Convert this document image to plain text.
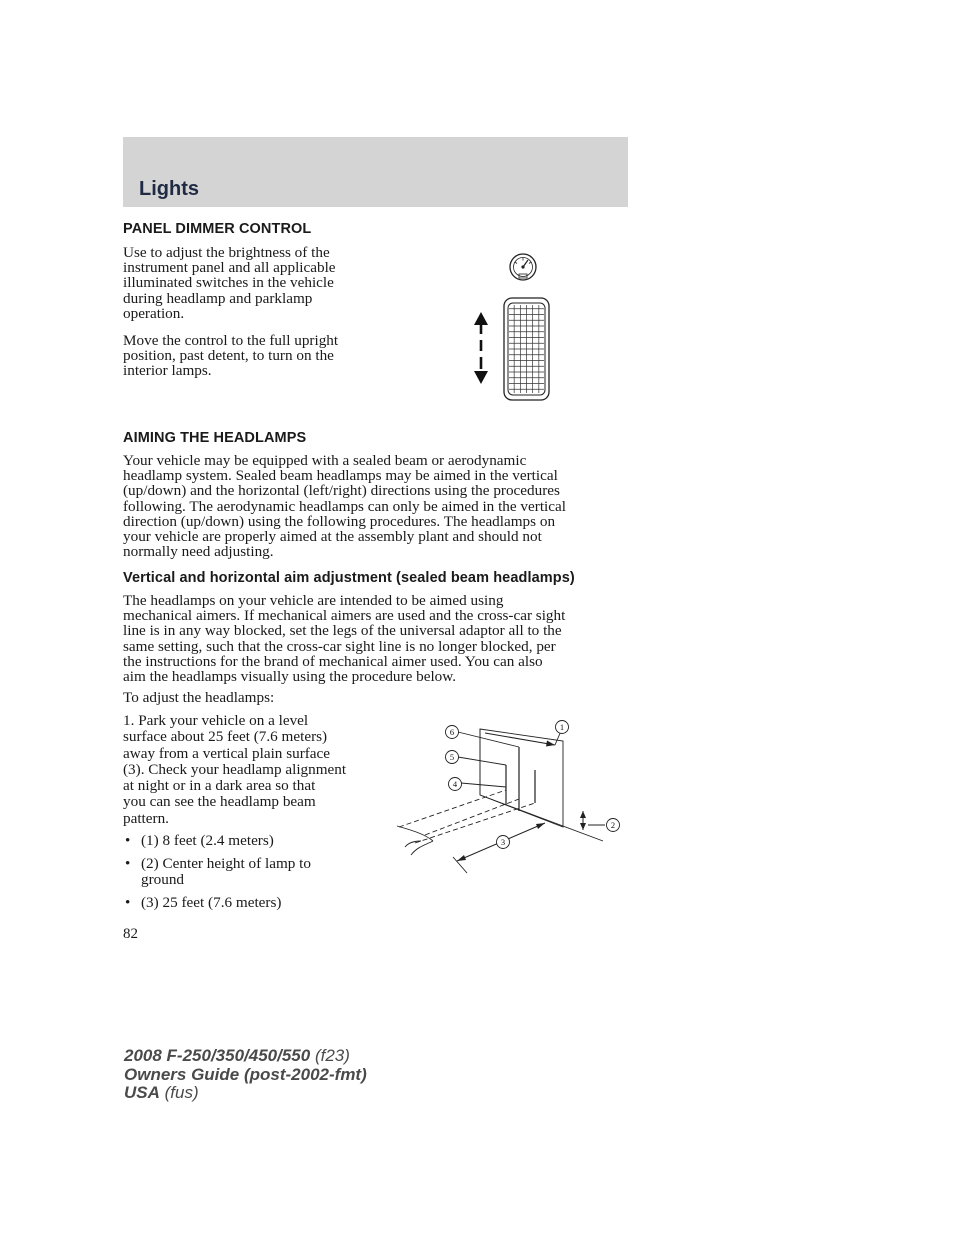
Lights
PANEL DIMMER CONTROL

Use to adjust the brightness of the
instrument panel and all applicable
illuminated switches in the vehicle
during headlamp and parklamp
operation.

Move the control to the full upright
position, past detent, to turn on the
interior lamps.

AIMING THE HEADLAMPS

Your vehicle may be equipped with a sealed beam or aerodynamic
headlamp system. Sealed beam headlamps may be aimed in the vertical
(up/down) and the horizontal (left/right) directions using the procedures
following. The aerodynamic headlamps can only be aimed in the vertical
direction (up/down) using the following procedures. The headlamps on
your vehicle are properly aimed at the assembly plant and should not
normally need adjusting.

Vertical and horizontal aim adjustment (sealed beam headlamps)

The headlamps on your vehicle are intended to be aimed using
mechanical aimers. If mechanical aimers are used and the cross-car sight
line is in any way blocked, set the legs of the universal adaptor all to the
same setting, such that the cross-car sight line is no longer blocked, per
the instructions for the brand of mechanical aimer used. You can also
aim the headlamps visually using the procedure below.

To adjust the headlamps:

1. Park your vehicle on a level
surface about 25 feet (7.6 meters)
away from a vertical plain surface
(3). Check your headlamp alignment
at night or in a dark area so that
you can see the headlamp beam
pattern.

• (1) 8 feet (2.4 meters)
• (2) Center height of lamp to ground
• (3) 25 feet (7.6 meters)
1
2
3
4
5
6
82
2008 F-250/350/450/550 (f23)
Owners Guide (post-2002-fmt)
USA (fus)
